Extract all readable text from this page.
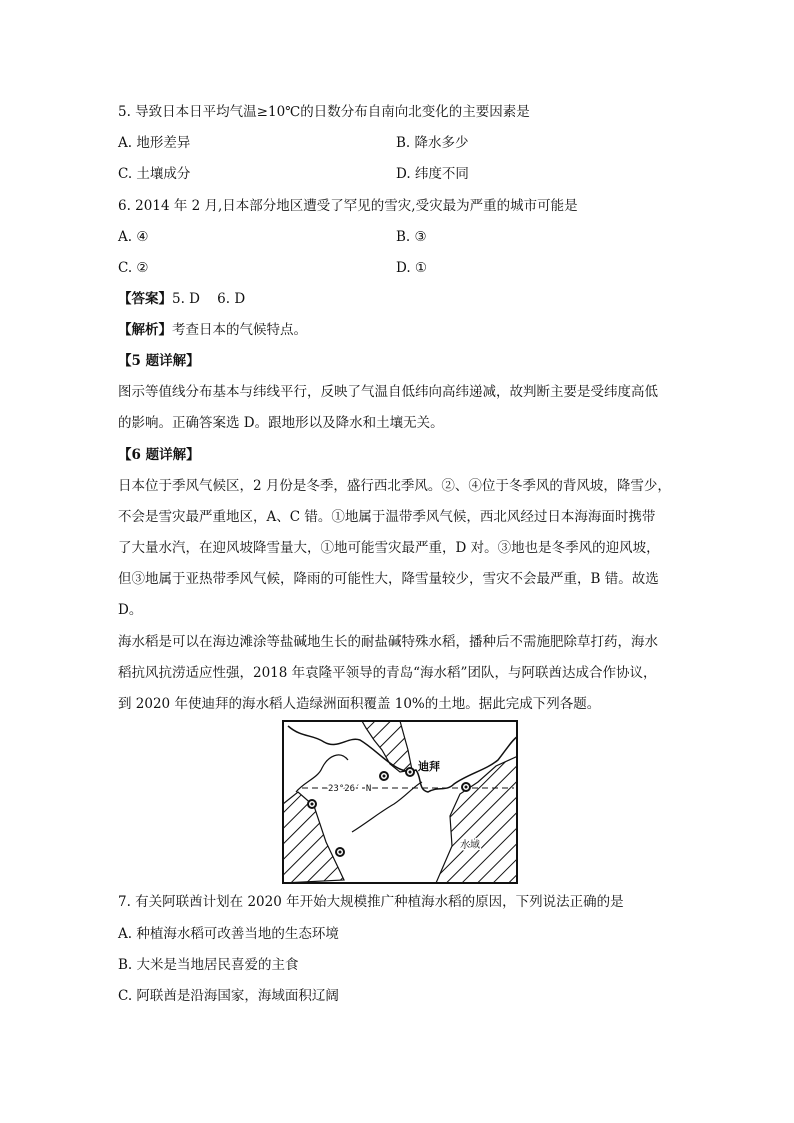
5. 导致日本日平均气温≥10℃的日数分布自南向北变化的主要因素是
A. 地形差异	B. 降水多少
C. 土壤成分	D. 纬度不同
6. 2014 年 2 月,日本部分地区遭受了罕见的雪灾,受灾最为严重的城市可能是
A. ④	B. ③
C. ②	D. ①
【答案】5. D    6. D
【解析】考查日本的气候特点。
【5 题详解】
图示等值线分布基本与纬线平行，反映了气温自低纬向高纬递减，故判断主要是受纬度高低
的影响。正确答案选 D。跟地形以及降水和土壤无关。
【6 题详解】
日本位于季风气候区，2 月份是冬季，盛行西北季风。②、④位于冬季风的背风坡，降雪少，
不会是雪灾最严重地区，A、C 错。①地属于温带季风气候，西北风经过日本海海面时携带
了大量水汽，在迎风坡降雪量大，①地可能雪灾最严重，D 对。③地也是冬季风的迎风坡，
但③地属于亚热带季风气候，降雨的可能性大，降雪量较少，雪灾不会最严重，B 错。故选
D。
海水稻是可以在海边滩涂等盐碱地生长的耐盐碱特殊水稻，播种后不需施肥除草打药，海水
稻抗风抗涝适应性强，2018 年袁隆平领导的青岛“海水稻”团队，与阿联酋达成合作协议，
到 2020 年使迪拜的海水稻人造绿洲面积覆盖 10%的土地。据此完成下列各题。
迪拜
23°26′ N
水域
7. 有关阿联酋计划在 2020 年开始大规模推广种植海水稻的原因，下列说法正确的是
A. 种植海水稻可改善当地的生态环境
B. 大米是当地居民喜爱的主食
C. 阿联酋是沿海国家，海域面积辽阔
